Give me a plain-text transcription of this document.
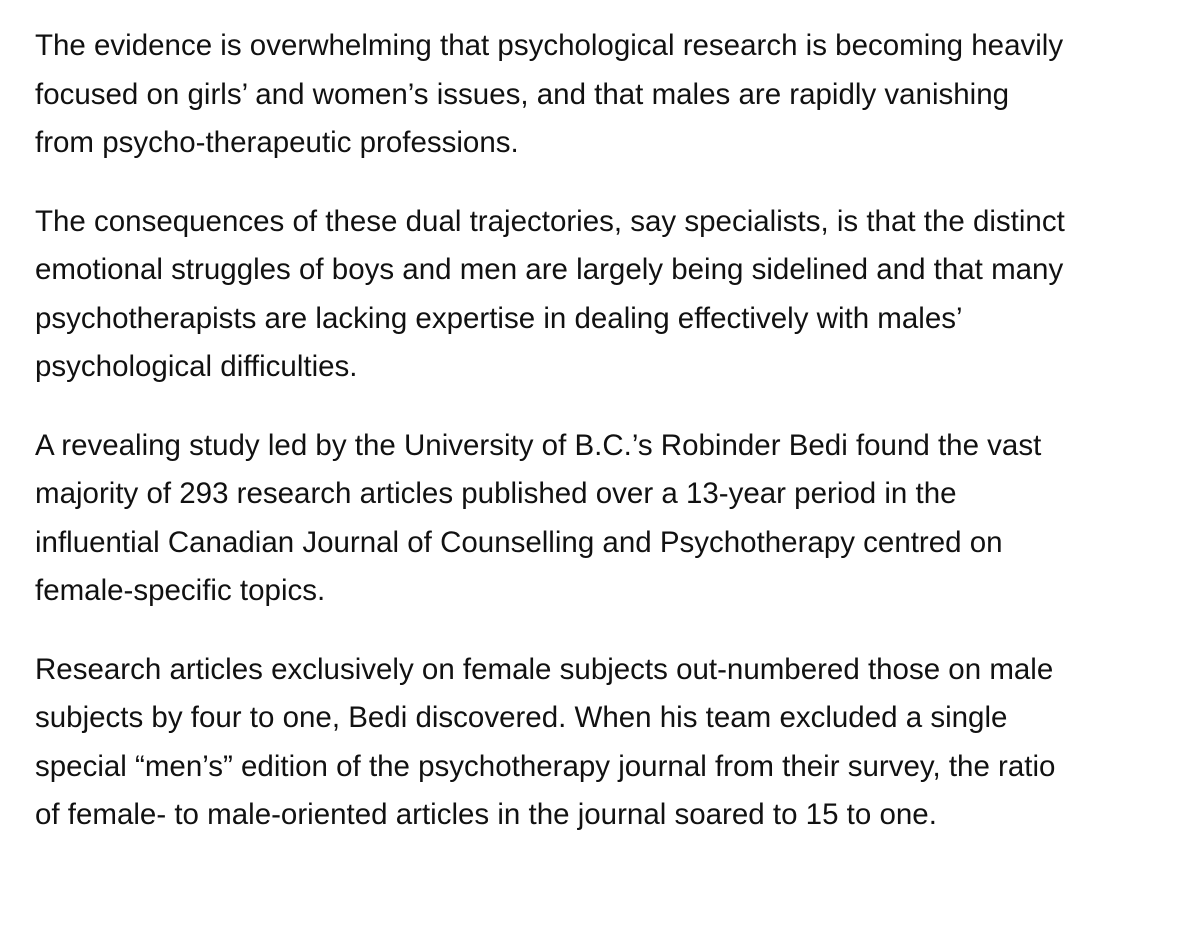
The evidence is overwhelming that psychological research is becoming heavily
focused on girls’ and women’s issues, and that males are rapidly vanishing
from psycho-therapeutic professions.

The consequences of these dual trajectories, say specialists, is that the distinct
emotional struggles of boys and men are largely being sidelined and that many
psychotherapists are lacking expertise in dealing effectively with males’
psychological difficulties.

A revealing study led by the University of B.C.’s Robinder Bedi found the vast
majority of 293 research articles published over a 13-year period in the
influential Canadian Journal of Counselling and Psychotherapy centred on
female-specific topics.

Research articles exclusively on female subjects out-numbered those on male
subjects by four to one, Bedi discovered. When his team excluded a single
special “men’s” edition of the psychotherapy journal from their survey, the ratio
of female- to male-oriented articles in the journal soared to 15 to one.
